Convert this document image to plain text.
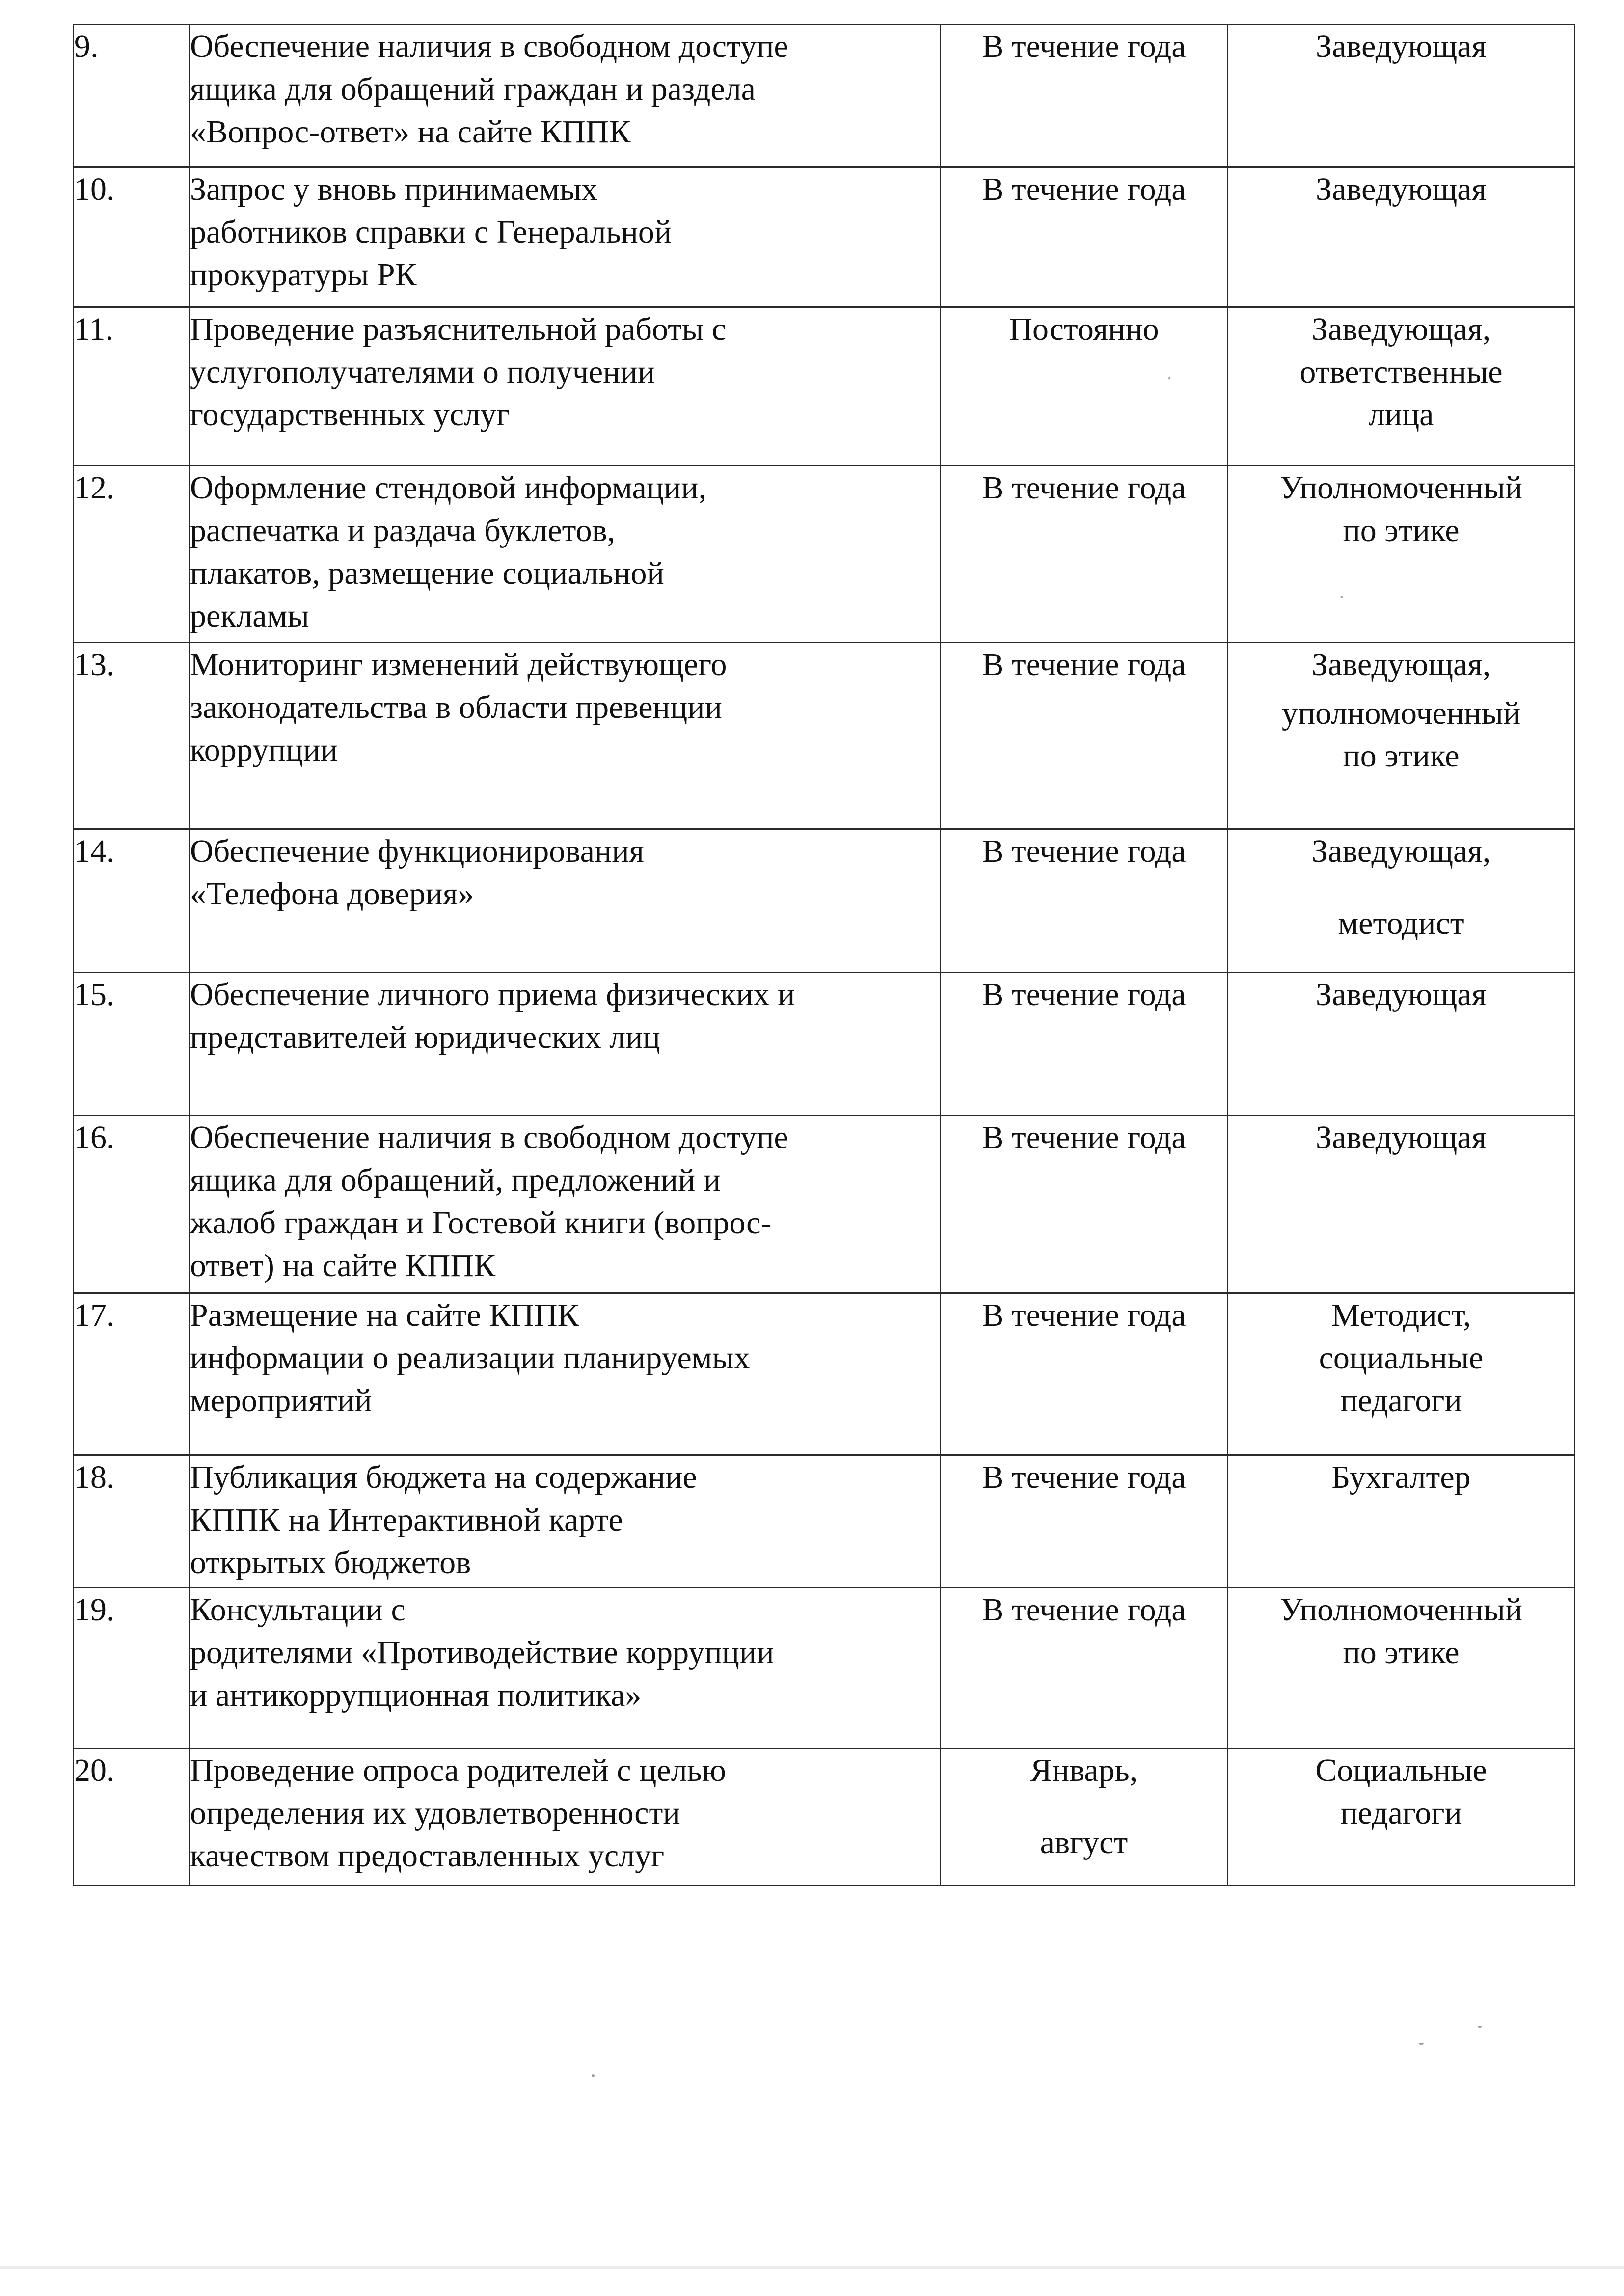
9.	Обеспечение наличия в свободном доступе
ящика для обращений граждан и раздела
«Вопрос-ответ» на сайте КППК	В течение года	Заведующая

10.	Запрос у вновь принимаемых
работников справки с Генеральной
прокуратуры РК	В течение года	Заведующая

11.	Проведение разъяснительной работы с
услугополучателями о получении
государственных услуг	Постоянно	Заведующая,
ответственные
лица

12.	Оформление стендовой информации,
распечатка и раздача буклетов,
плакатов, размещение социальной
рекламы	В течение года	Уполномоченный
по этике

13.	Мониторинг изменений действующего
законодательства в области превенции
коррупции	В течение года	Заведующая,
уполномоченный
по этике

14.	Обеспечение функционирования
«Телефона доверия»	В течение года	Заведующая,
методист

15.	Обеспечение личного приема физических и
представителей юридических лиц	В течение года	Заведующая

16.	Обеспечение наличия в свободном доступе
ящика для обращений, предложений и
жалоб граждан и Гостевой книги (вопрос-
ответ) на сайте КППК	В течение года	Заведующая

17.	Размещение на сайте КППК
информации о реализации планируемых
мероприятий	В течение года	Методист,
социальные
педагоги

18.	Публикация бюджета на содержание
КППК на Интерактивной карте
открытых бюджетов	В течение года	Бухгалтер

19.	Консультации с
родителями «Противодействие коррупции
и антикоррупционная политика»	В течение года	Уполномоченный
по этике

20.	Проведение опроса родителей с целью
определения их удовлетворенности
качеством предоставленных услуг	Январь,
август	Социальные
педагоги
